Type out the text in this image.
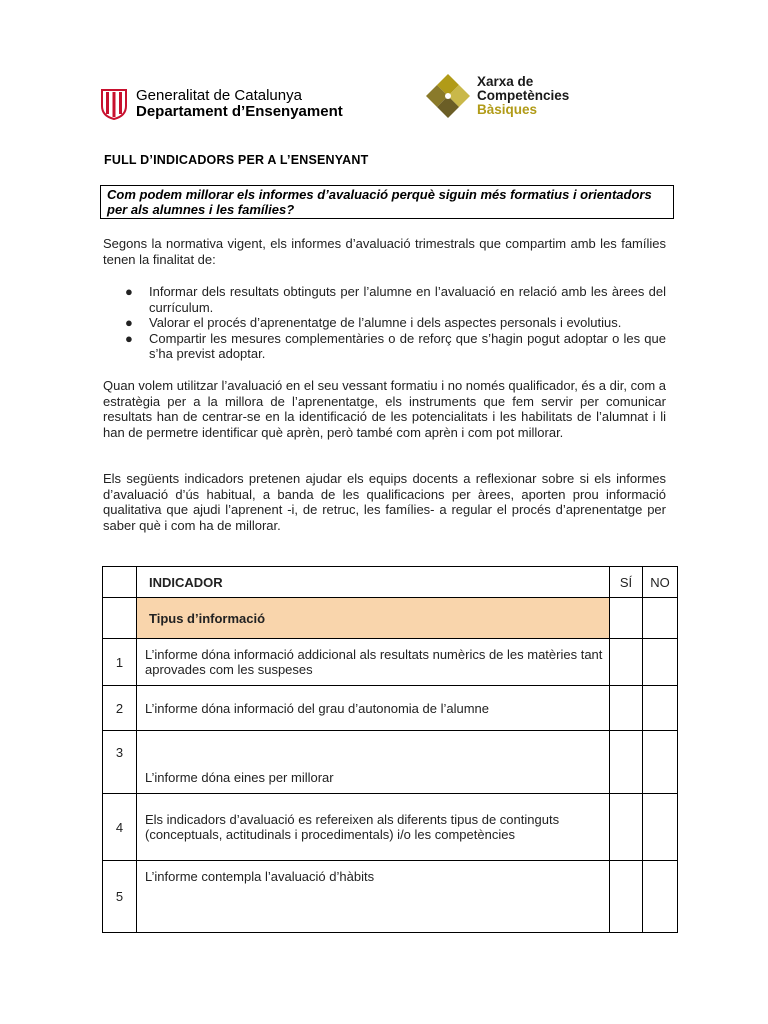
Generalitat de Catalunya
Departament d’Ensenyament
Xarxa de
Competències
Bàsiques
FULL D’INDICADORS PER A L’ENSENYANT
Com podem millorar els informes d’avaluació perquè siguin més formatius i orientadors per als alumnes i les famílies?
Segons la normativa vigent, els informes d’avaluació trimestrals que compartim amb les famílies tenen la finalitat de:
● Informar dels resultats obtinguts per l’alumne en l’avaluació en relació amb les àrees del currículum.
● Valorar el procés d’aprenentatge de l’alumne i dels aspectes personals i evolutius.
● Compartir les mesures complementàries o de reforç que s’hagin pogut adoptar o les que s’ha previst adoptar.
Quan volem utilitzar l’avaluació en el seu vessant formatiu i no només qualificador, és a dir, com a estratègia per a la millora de l’aprenentatge, els instruments que fem servir per comunicar resultats han de centrar-se en la identificació de les potencialitats i les habilitats de l’alumnat i li han de permetre identificar què aprèn, però també com aprèn i com pot millorar.
Els següents indicadors pretenen ajudar els equips docents a reflexionar sobre si els informes d’avaluació d’ús habitual, a banda de les qualificacions per àrees, aporten prou informació qualitativa que ajudi l’aprenent -i, de retruc, les famílies- a regular el procés d’aprenentatge per saber què i com ha de millorar.
	INDICADOR	SÍ	NO
	Tipus d’informació		
1	L’informe dóna informació addicional als resultats numèrics de les matèries tant aprovades com les suspeses		
2	L’informe dóna informació del grau d’autonomia de l’alumne		
3	L’informe dóna eines per millorar		
4	Els indicadors d’avaluació es refereixen als diferents tipus de continguts (conceptuals, actitudinals i procedimentals) i/o les competències		
5	L’informe contempla l’avaluació d’hàbits		
